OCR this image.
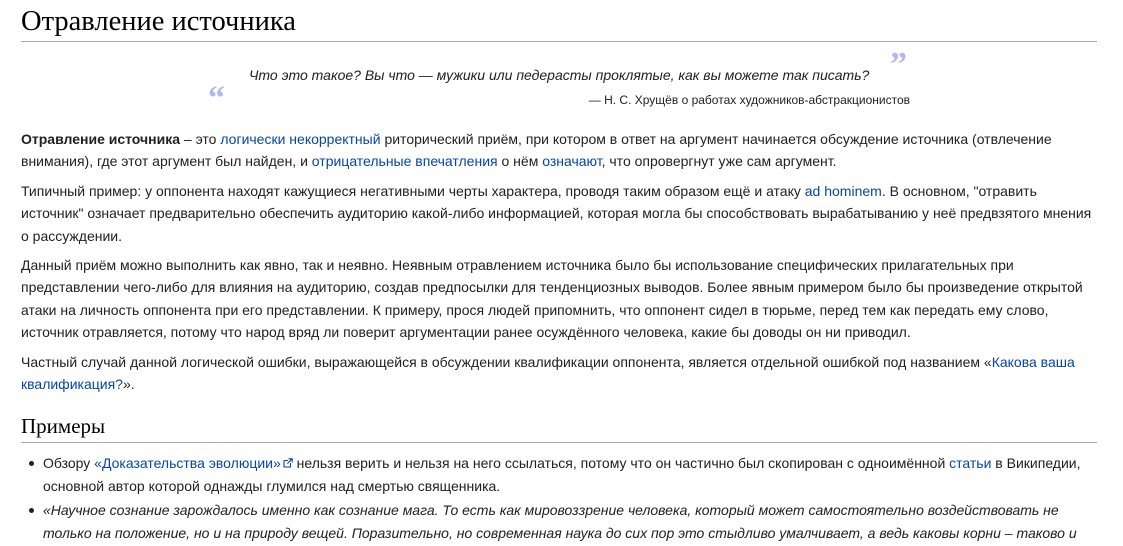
Отравление источника
“
Что это такое? Вы что — мужики или педерасты проклятые, как вы можете так писать? ”
— Н. С. Хрущёв о работах художников-абстракционистов

Отравление источника – это логически некорректный риторический приём, при котором в ответ на аргумент начинается обсуждение источника (отвлечение внимания), где этот аргумент был найден, и отрицательные впечатления о нём означают, что опровергнут уже сам аргумент.

Типичный пример: у оппонента находят кажущиеся негативными черты характера, проводя таким образом ещё и атаку ad hominem. В основном, "отравить источник" означает предварительно обеспечить аудиторию какой-либо информацией, которая могла бы способствовать вырабатыванию у неё предвзятого мнения о рассуждении.

Данный приём можно выполнить как явно, так и неявно. Неявным отравлением источника было бы использование специфических прилагательных при представлении чего-либо для влияния на аудиторию, создав предпосылки для тенденциозных выводов. Более явным примером было бы произведение открытой атаки на личность оппонента при его представлении. К примеру, прося людей припомнить, что оппонент сидел в тюрьме, перед тем как передать ему слово, источник отравляется, потому что народ вряд ли поверит аргументации ранее осуждённого человека, какие бы доводы он ни приводил.

Частный случай данной логической ошибки, выражающейся в обсуждении квалификации оппонента, является отдельной ошибкой под названием «Какова ваша квалификация?».

Примеры
Обзору «Доказательства эволюции» нельзя верить и нельзя на него ссылаться, потому что он частично был скопирован с одноимённой статьи в Википедии, основной автор которой однажды глумился над смертью священника.
«Научное сознание зарождалось именно как сознание мага. То есть как мировоззрение человека, который может самостоятельно воздействовать не только на положение, но и на природу вещей. Поразительно, но современная наука до сих пор это стыдливо умалчивает, а ведь каковы корни – таково и
